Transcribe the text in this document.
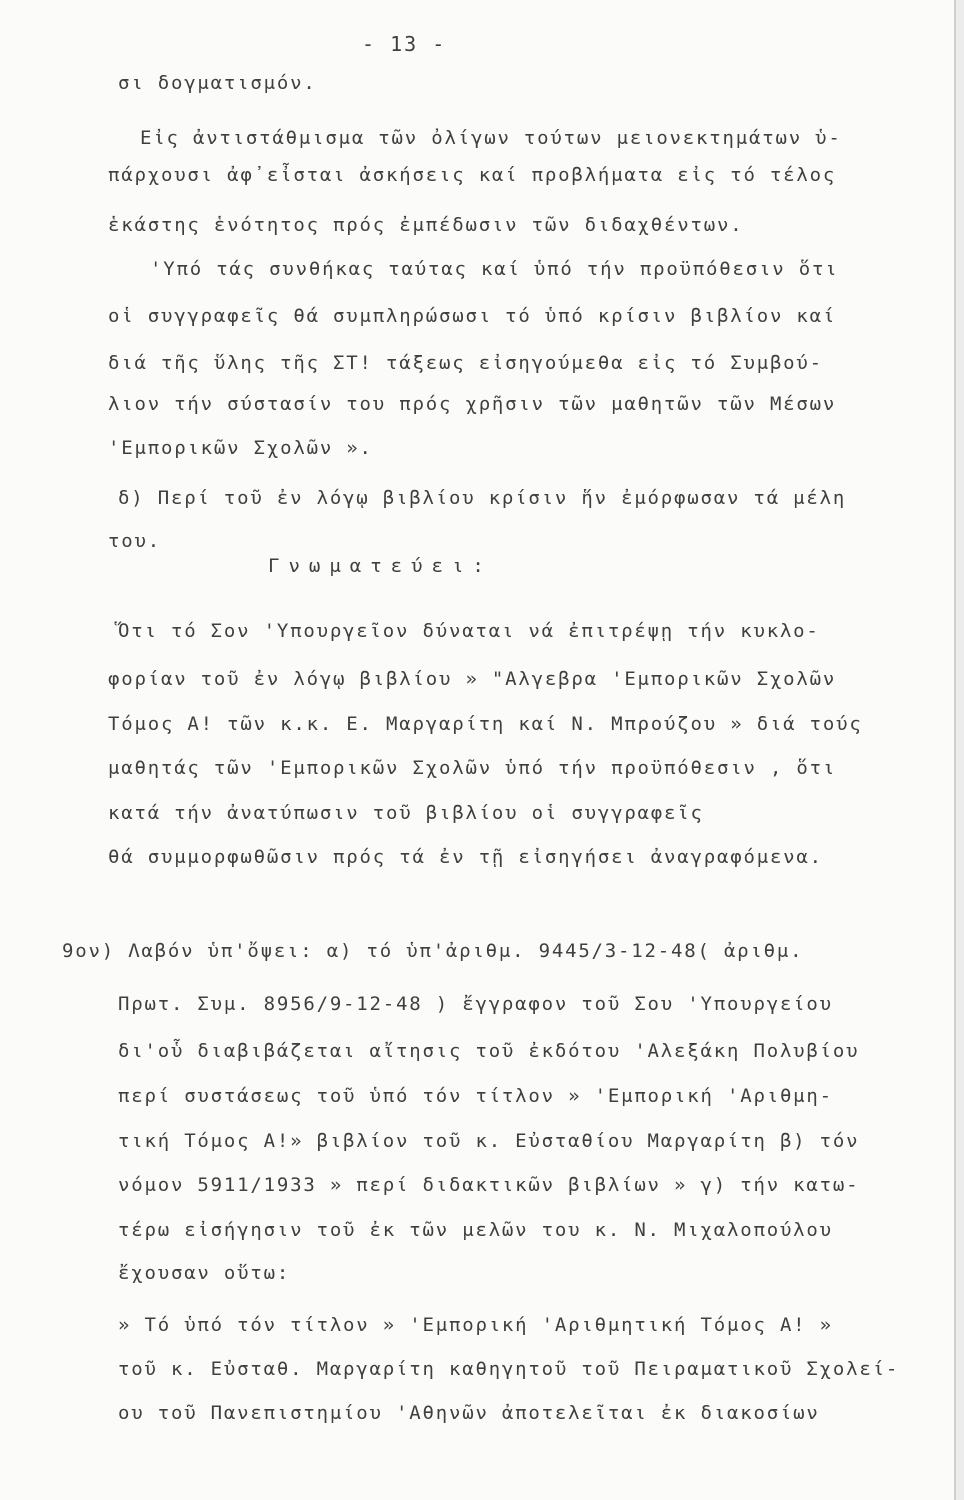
- 13 -
σι δογματισμόν.
Εἰς ἀντιστάθμισμα τῶν ὀλίγων τούτων μειονεκτημάτων ὑ-
πάρχουσι ἀφ᾽εἶσται ἀσκήσεις καί προβλήματα εἰς τό τέλος
ἑκάστης ἑνότητος πρός ἐμπέδωσιν τῶν διδαχθέντων.
'Υπό τάς συνθήκας ταύτας καί ὑπό τήν προϋπόθεσιν ὅτι
οἱ συγγραφεῖς θά συμπληρώσωσι τό ὑπό κρίσιν βιβλίον καί
διά τῆς ὕλης τῆς ΣΤ! τάξεως εἰσηγούμεθα εἰς τό Συμβού-
λιον τήν σύστασίν του πρός χρῆσιν τῶν μαθητῶν τῶν Μέσων
'Εμπορικῶν Σχολῶν ».
δ) Περί τοῦ ἐν λόγῳ βιβλίου κρίσιν ἥν ἐμόρφωσαν τά μέλη
του.
Γνωματεύει:
Ὅτι τό Σον 'Υπουργεῖον δύναται νά ἐπιτρέψῃ τήν κυκλο-
φορίαν τοῦ ἐν λόγῳ βιβλίου » "Αλγεβρα 'Εμπορικῶν Σχολῶν
Τόμος Α! τῶν κ.κ. Ε. Μαργαρίτη καί Ν. Μπρούζου » διά τούς
μαθητάς τῶν 'Εμπορικῶν Σχολῶν ὑπό τήν προϋπόθεσιν , ὅτι
κατά τήν ἀνατύπωσιν τοῦ βιβλίου οἱ συγγραφεῖς
θά συμμορφωθῶσιν πρός τά ἐν τῇ εἰσηγήσει ἀναγραφόμενα.
9ον) Λαβόν ὑπ'ὄψει: α) τό ὑπ'ἀριθμ. 9445/3-12-48( ἀριθμ.
Πρωτ. Συμ. 8956/9-12-48 ) ἔγγραφον τοῦ Σου 'Υπουργείου
δι'οὗ διαβιβάζεται αἴτησις τοῦ ἐκδότου 'Αλεξάκη Πολυβίου
περί συστάσεως τοῦ ὑπό τόν τίτλον » 'Εμπορική 'Αριθμη-
τική Τόμος Α!» βιβλίον τοῦ κ. Εὐσταθίου Μαργαρίτη β) τόν
νόμον 5911/1933 » περί διδακτικῶν βιβλίων » γ) τήν κατω-
τέρω εἰσήγησιν τοῦ ἐκ τῶν μελῶν του κ. Ν. Μιχαλοπούλου
ἔχουσαν οὕτω:
» Τό ὑπό τόν τίτλον » 'Εμπορική 'Αριθμητική Τόμος Α! »
τοῦ κ. Εὐσταθ. Μαργαρίτη καθηγητοῦ τοῦ Πειραματικοῦ Σχολεί-
ου τοῦ Πανεπιστημίου 'Αθηνῶν ἀποτελεῖται ἐκ διακοσίων
